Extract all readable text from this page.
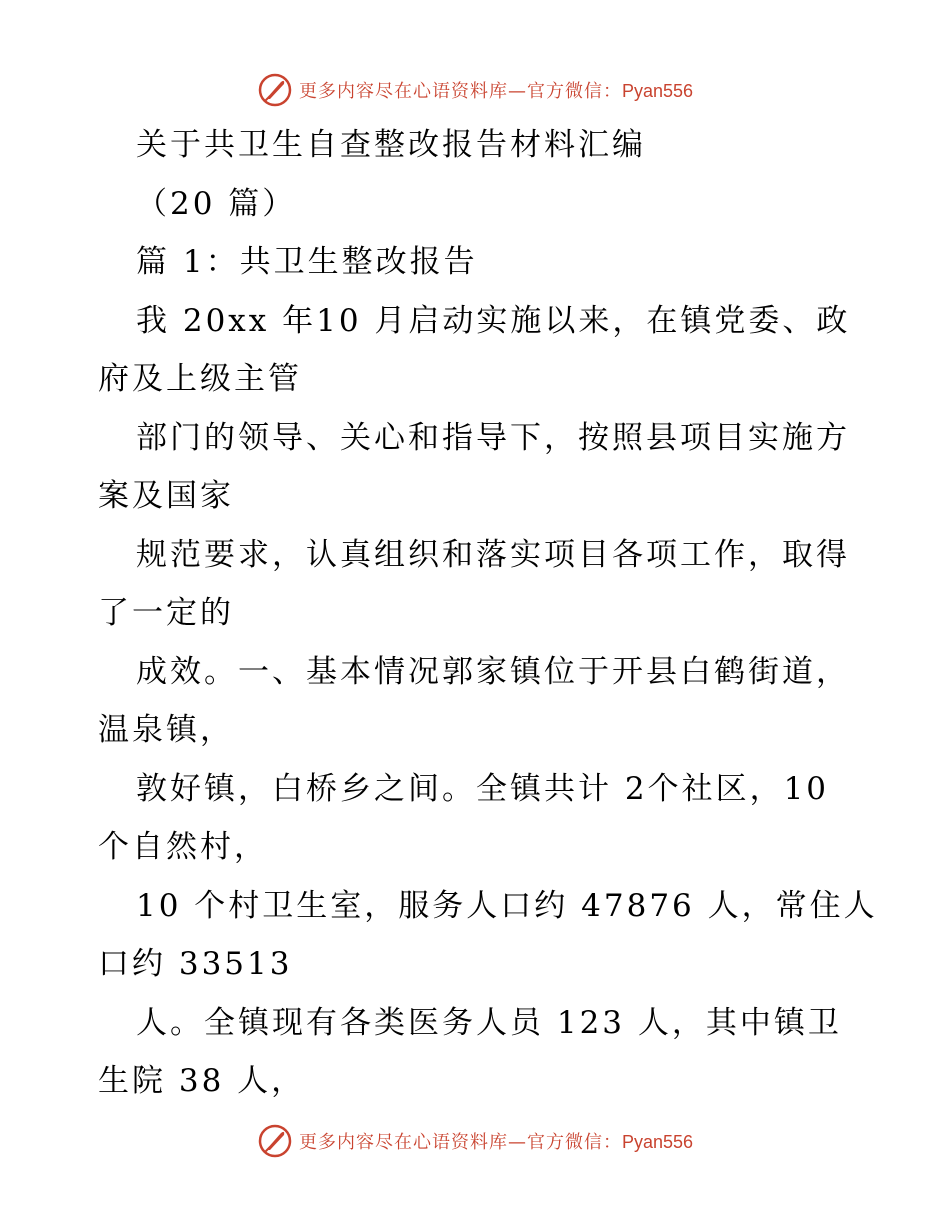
更多内容尽在心语资料库—官方微信：Pyan556
关于共卫生自查整改报告材料汇编
（20 篇）
篇 1：共卫生整改报告
我 20xx 年10 月启动实施以来，在镇党委、政
府及上级主管
部门的领导、关心和指导下，按照县项目实施方
案及国家
规范要求，认真组织和落实项目各项工作，取得
了一定的
成效。一、基本情况郭家镇位于开县白鹤街道，
温泉镇，
敦好镇，白桥乡之间。全镇共计 2个社区，10
个自然村，
10 个村卫生室，服务人口约 47876 人，常住人
口约 33513
人。全镇现有各类医务人员 123 人，其中镇卫
生院 38 人，
更多内容尽在心语资料库—官方微信：Pyan556
